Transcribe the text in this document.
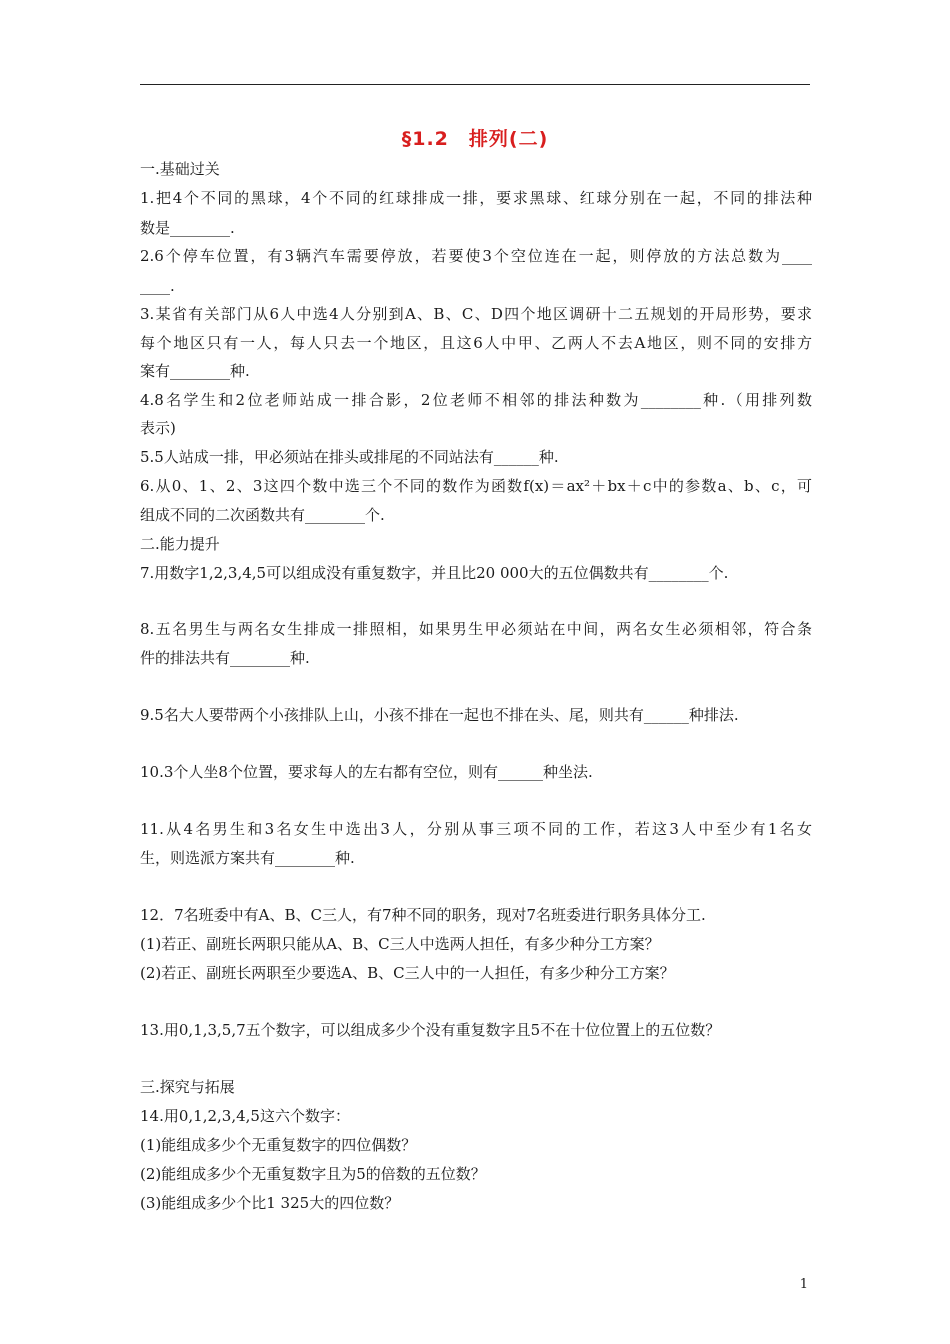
§1.2　排列(二)
一.基础过关
1.把4个不同的黑球，4个不同的红球排成一排，要求黑球、红球分别在一起，不同的排法种
数是________.
2.6个停车位置，有3辆汽车需要停放，若要使3个空位连在一起，则停放的方法总数为____
____.
3.某省有关部门从6人中选4人分别到A、B、C、D四个地区调研十二五规划的开局形势，要求
每个地区只有一人，每人只去一个地区，且这6人中甲、乙两人不去A地区，则不同的安排方
案有________种.
4.8名学生和2位老师站成一排合影，2位老师不相邻的排法种数为________种.（用排列数
表示)
5.5人站成一排，甲必须站在排头或排尾的不同站法有______种.
6.从0、1、2、3这四个数中选三个不同的数作为函数f(x)＝ax²＋bx＋c中的参数a、b、c，可
组成不同的二次函数共有________个.
二.能力提升
7.用数字1,2,3,4,5可以组成没有重复数字，并且比20 000大的五位偶数共有________个.
8.五名男生与两名女生排成一排照相，如果男生甲必须站在中间，两名女生必须相邻，符合条
件的排法共有________种.
9.5名大人要带两个小孩排队上山，小孩不排在一起也不排在头、尾，则共有______种排法.
10.3个人坐8个位置，要求每人的左右都有空位，则有______种坐法.
11.从4名男生和3名女生中选出3人，分别从事三项不同的工作，若这3人中至少有1名女
生，则选派方案共有________种.
12．7名班委中有A、B、C三人，有7种不同的职务，现对7名班委进行职务具体分工.
(1)若正、副班长两职只能从A、B、C三人中选两人担任，有多少种分工方案？
(2)若正、副班长两职至少要选A、B、C三人中的一人担任，有多少种分工方案？
13.用0,1,3,5,7五个数字，可以组成多少个没有重复数字且5不在十位位置上的五位数？
三.探究与拓展
14.用0,1,2,3,4,5这六个数字：
(1)能组成多少个无重复数字的四位偶数？
(2)能组成多少个无重复数字且为5的倍数的五位数？
(3)能组成多少个比1 325大的四位数？
1
